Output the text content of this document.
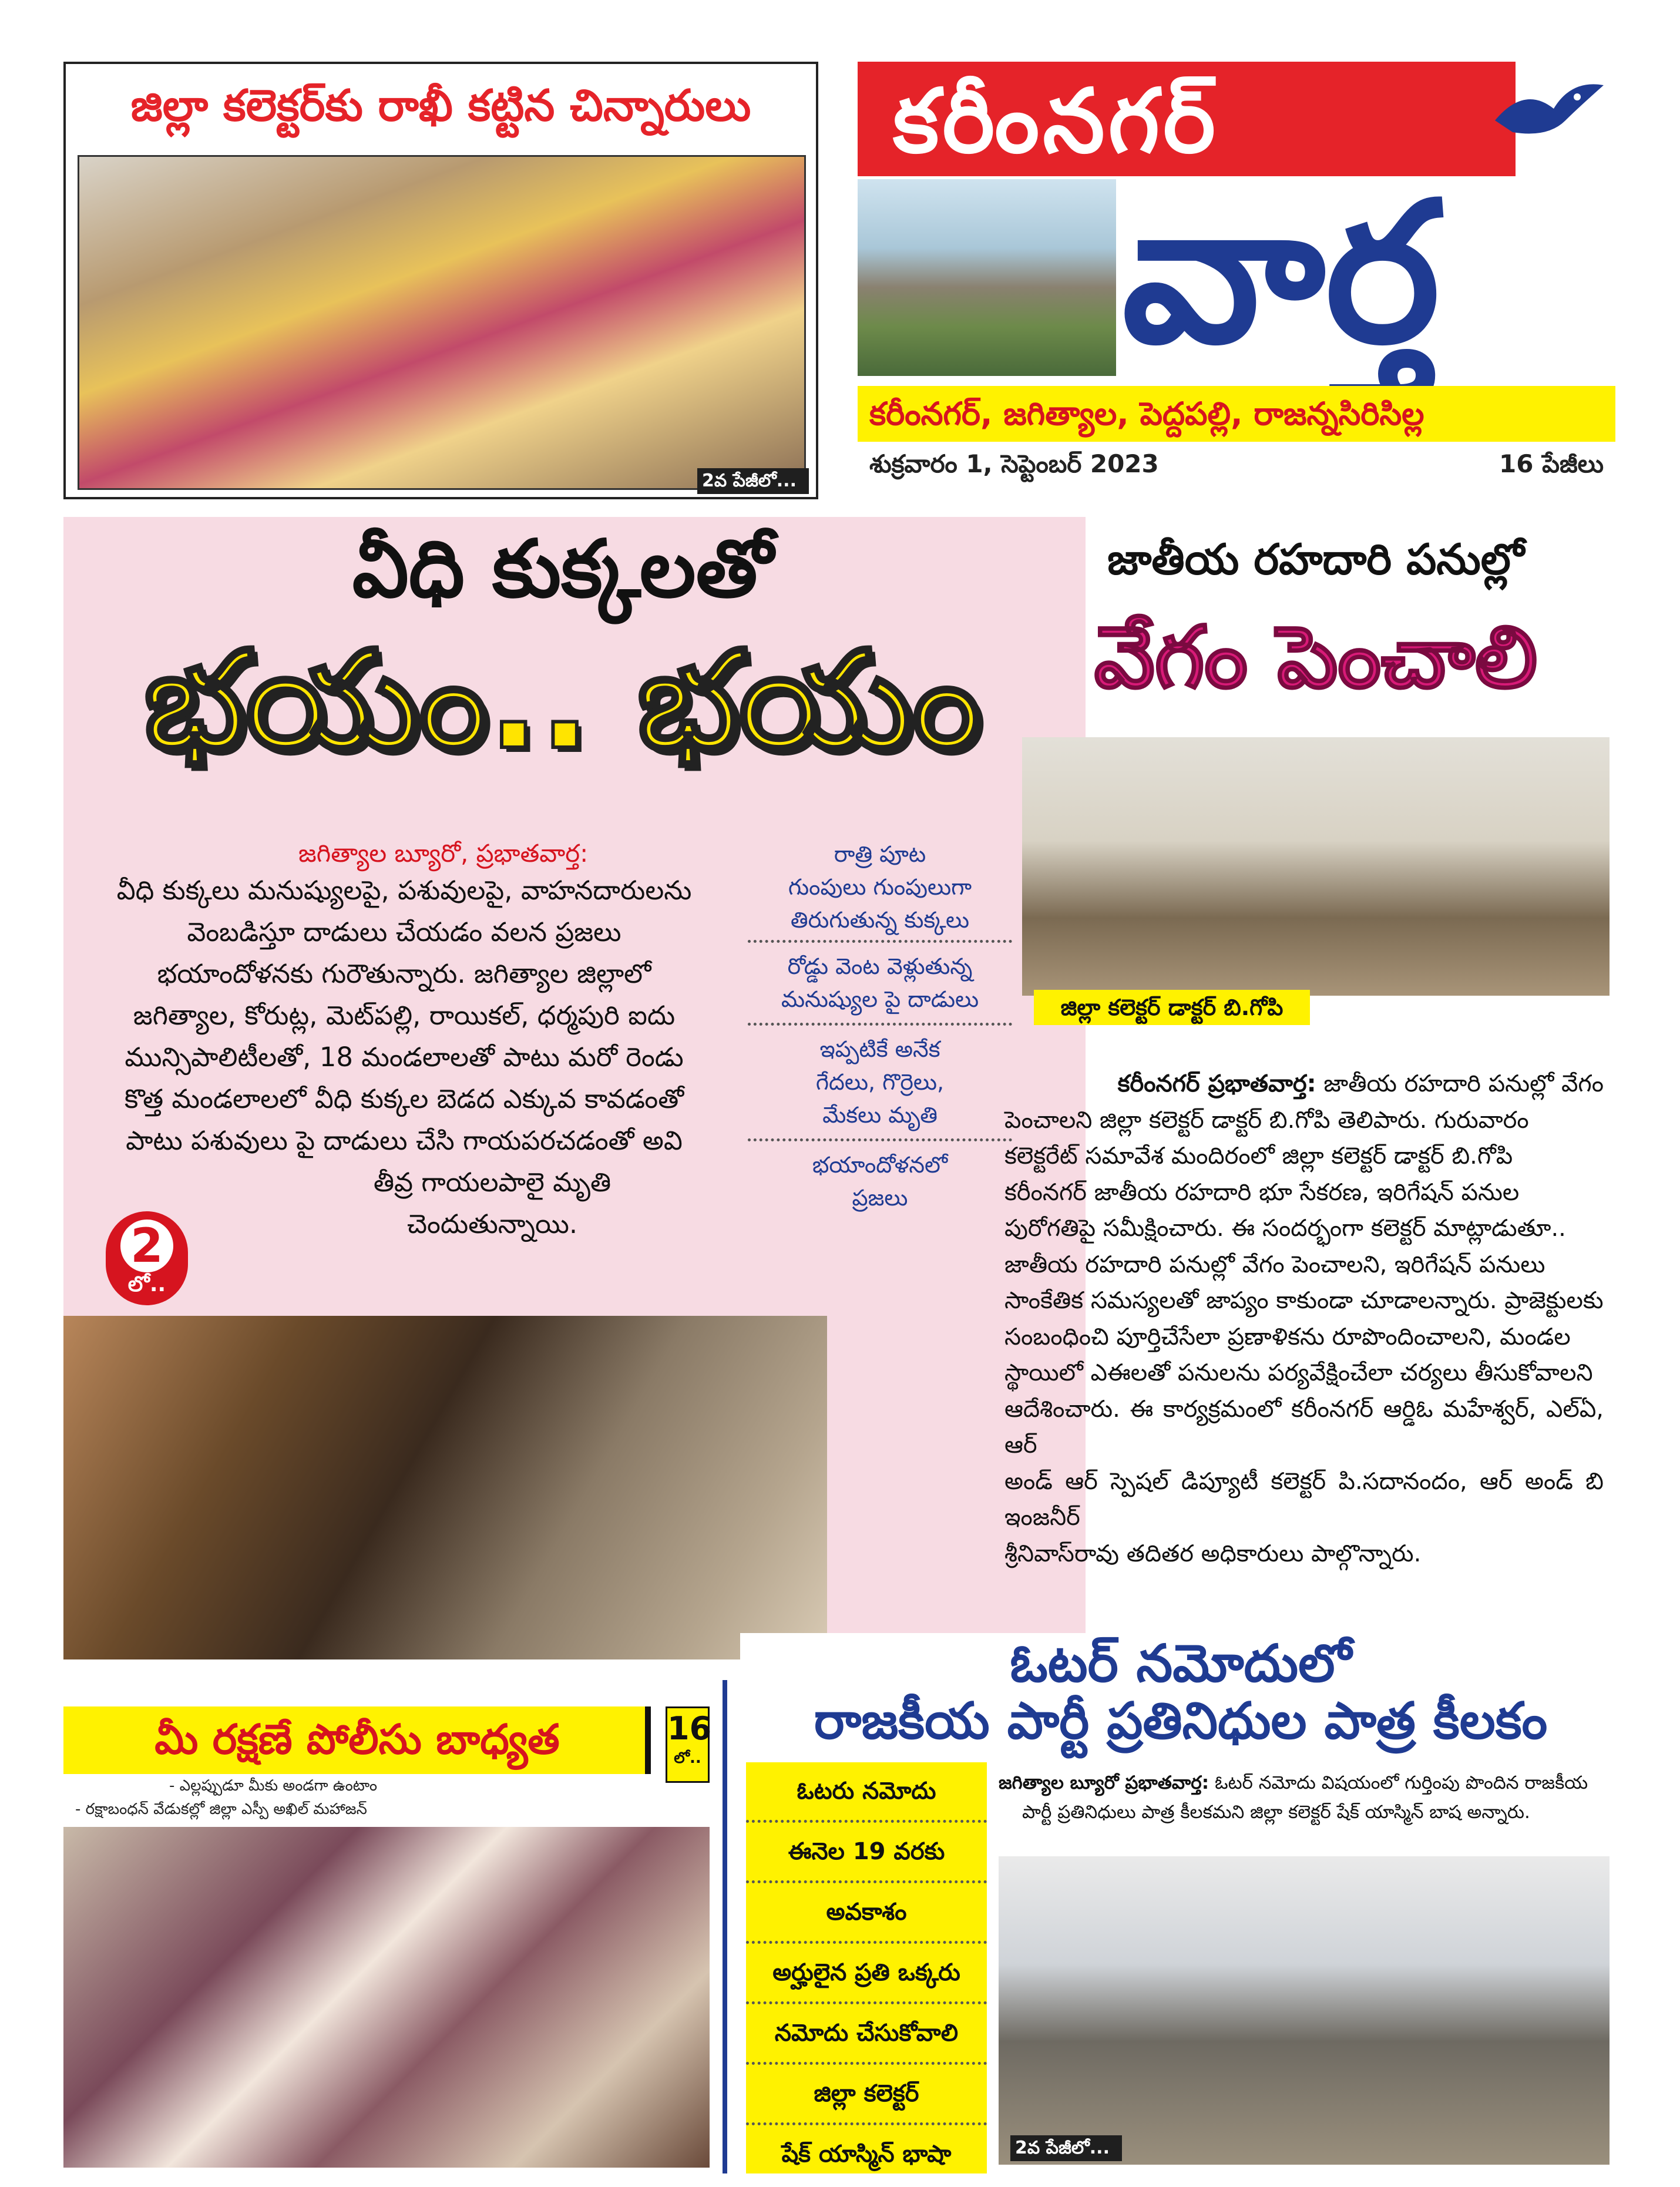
జిల్లా కలెక్టర్‌కు రాఖీ కట్టిన చిన్నారులు
2వ పేజీలో...
కరీంనగర్
వార్త
కరీంనగర్, జగిత్యాల, పెద్దపల్లి, రాజన్నసిరిసిల్ల
శుక్రవారం 1, సెప్టెంబర్ 2023	16 పేజీలు
వీధి కుక్కలతో
భయం.. భయం
జగిత్యాల బ్యూరో, ప్రభాతవార్త:
వీధి కుక్కలు మనుష్యులపై, పశువులపై, వాహనదారులను
వెంబడిస్తూ దాడులు చేయడం వలన ప్రజలు
భయాందోళనకు గురౌతున్నారు. జగిత్యాల జిల్లాలో
జగిత్యాల, కోరుట్ల, మెట్‌పల్లి, రాయికల్, ధర్మపురి ఐదు
మున్సిపాలిటీలతో, 18 మండలాలతో పాటు మరో రెండు
కొత్త మండలాలలో వీధి కుక్కల బెడద ఎక్కువ కావడంతో
పాటు పశువులు పై దాడులు చేసి గాయపరచడంతో అవి
తీవ్ర గాయలపాలై మృతి
చెందుతున్నాయి.
2
లో..
రాత్రి పూట
గుంపులు గుంపులుగా
తిరుగుతున్న కుక్కలు
రోడ్డు వెంట వెళ్లుతున్న
మనుష్యుల పై దాడులు
ఇప్పటికే అనేక
గేదలు, గొర్రెలు,
మేకలు మృతి
భయాందోళనలో
ప్రజలు
జాతీయ రహదారి పనుల్లో
వేగం పెంచాలి
జిల్లా కలెక్టర్ డాక్టర్ బి.గోపి
కరీంనగర్ ప్రభాతవార్త: జాతీయ రహదారి పనుల్లో వేగం
పెంచాలని జిల్లా కలెక్టర్ డాక్టర్ బి.గోపి తెలిపారు. గురువారం
కలెక్టరేట్ సమావేశ మందిరంలో జిల్లా కలెక్టర్ డాక్టర్ బి.గోపి
కరీంనగర్ జాతీయ రహదారి భూ సేకరణ, ఇరిగేషన్ పనుల
పురోగతిపై సమీక్షించారు. ఈ సందర్భంగా కలెక్టర్ మాట్లాడుతూ..
జాతీయ రహదారి పనుల్లో వేగం పెంచాలని, ఇరిగేషన్ పనులు
సాంకేతిక సమస్యలతో జాప్యం కాకుండా చూడాలన్నారు. ప్రాజెక్టులకు
సంబంధించి పూర్తిచేసేలా ప్రణాళికను రూపొందించాలని, మండల
స్థాయిలో ఎఈలతో పనులను పర్యవేక్షించేలా చర్యలు తీసుకోవాలని
ఆదేశించారు. ఈ కార్యక్రమంలో కరీంనగర్ ఆర్డిఓ మహేశ్వర్, ఎల్‌ఏ, ఆర్
అండ్ ఆర్ స్పెషల్ డిప్యూటీ కలెక్టర్ పి.సదానందం, ఆర్ అండ్ బి ఇంజనీర్
శ్రీనివాస్‌రావు తదితర అధికారులు పాల్గొన్నారు.
ఓటర్ నమోదులో
రాజకీయ పార్టీ ప్రతినిధుల పాత్ర కీలకం
ఓటరు నమోదు
ఈనెల 19 వరకు
అవకాశం
అర్హులైన ప్రతి ఒక్కరు
నమోదు చేసుకోవాలి
జిల్లా కలెక్టర్
షేక్ యాస్మిన్ భాషా
జగిత్యాల బ్యూరో ప్రభాతవార్త: ఓటర్ నమోదు విషయంలో గుర్తింపు పొందిన రాజకీయ
పార్టీ ప్రతినిధులు పాత్ర కీలకమని జిల్లా కలెక్టర్ షేక్ యాస్మిన్ బాష అన్నారు.
2వ పేజీలో...
మీ రక్షణే పోలీసు బాధ్యత
- ఎల్లప్పుడూ మీకు అండగా ఉంటాం
- రక్షాబంధన్ వేడుకల్లో జిల్లా ఎస్పీ అఖిల్ మహాజన్
16
లో..
